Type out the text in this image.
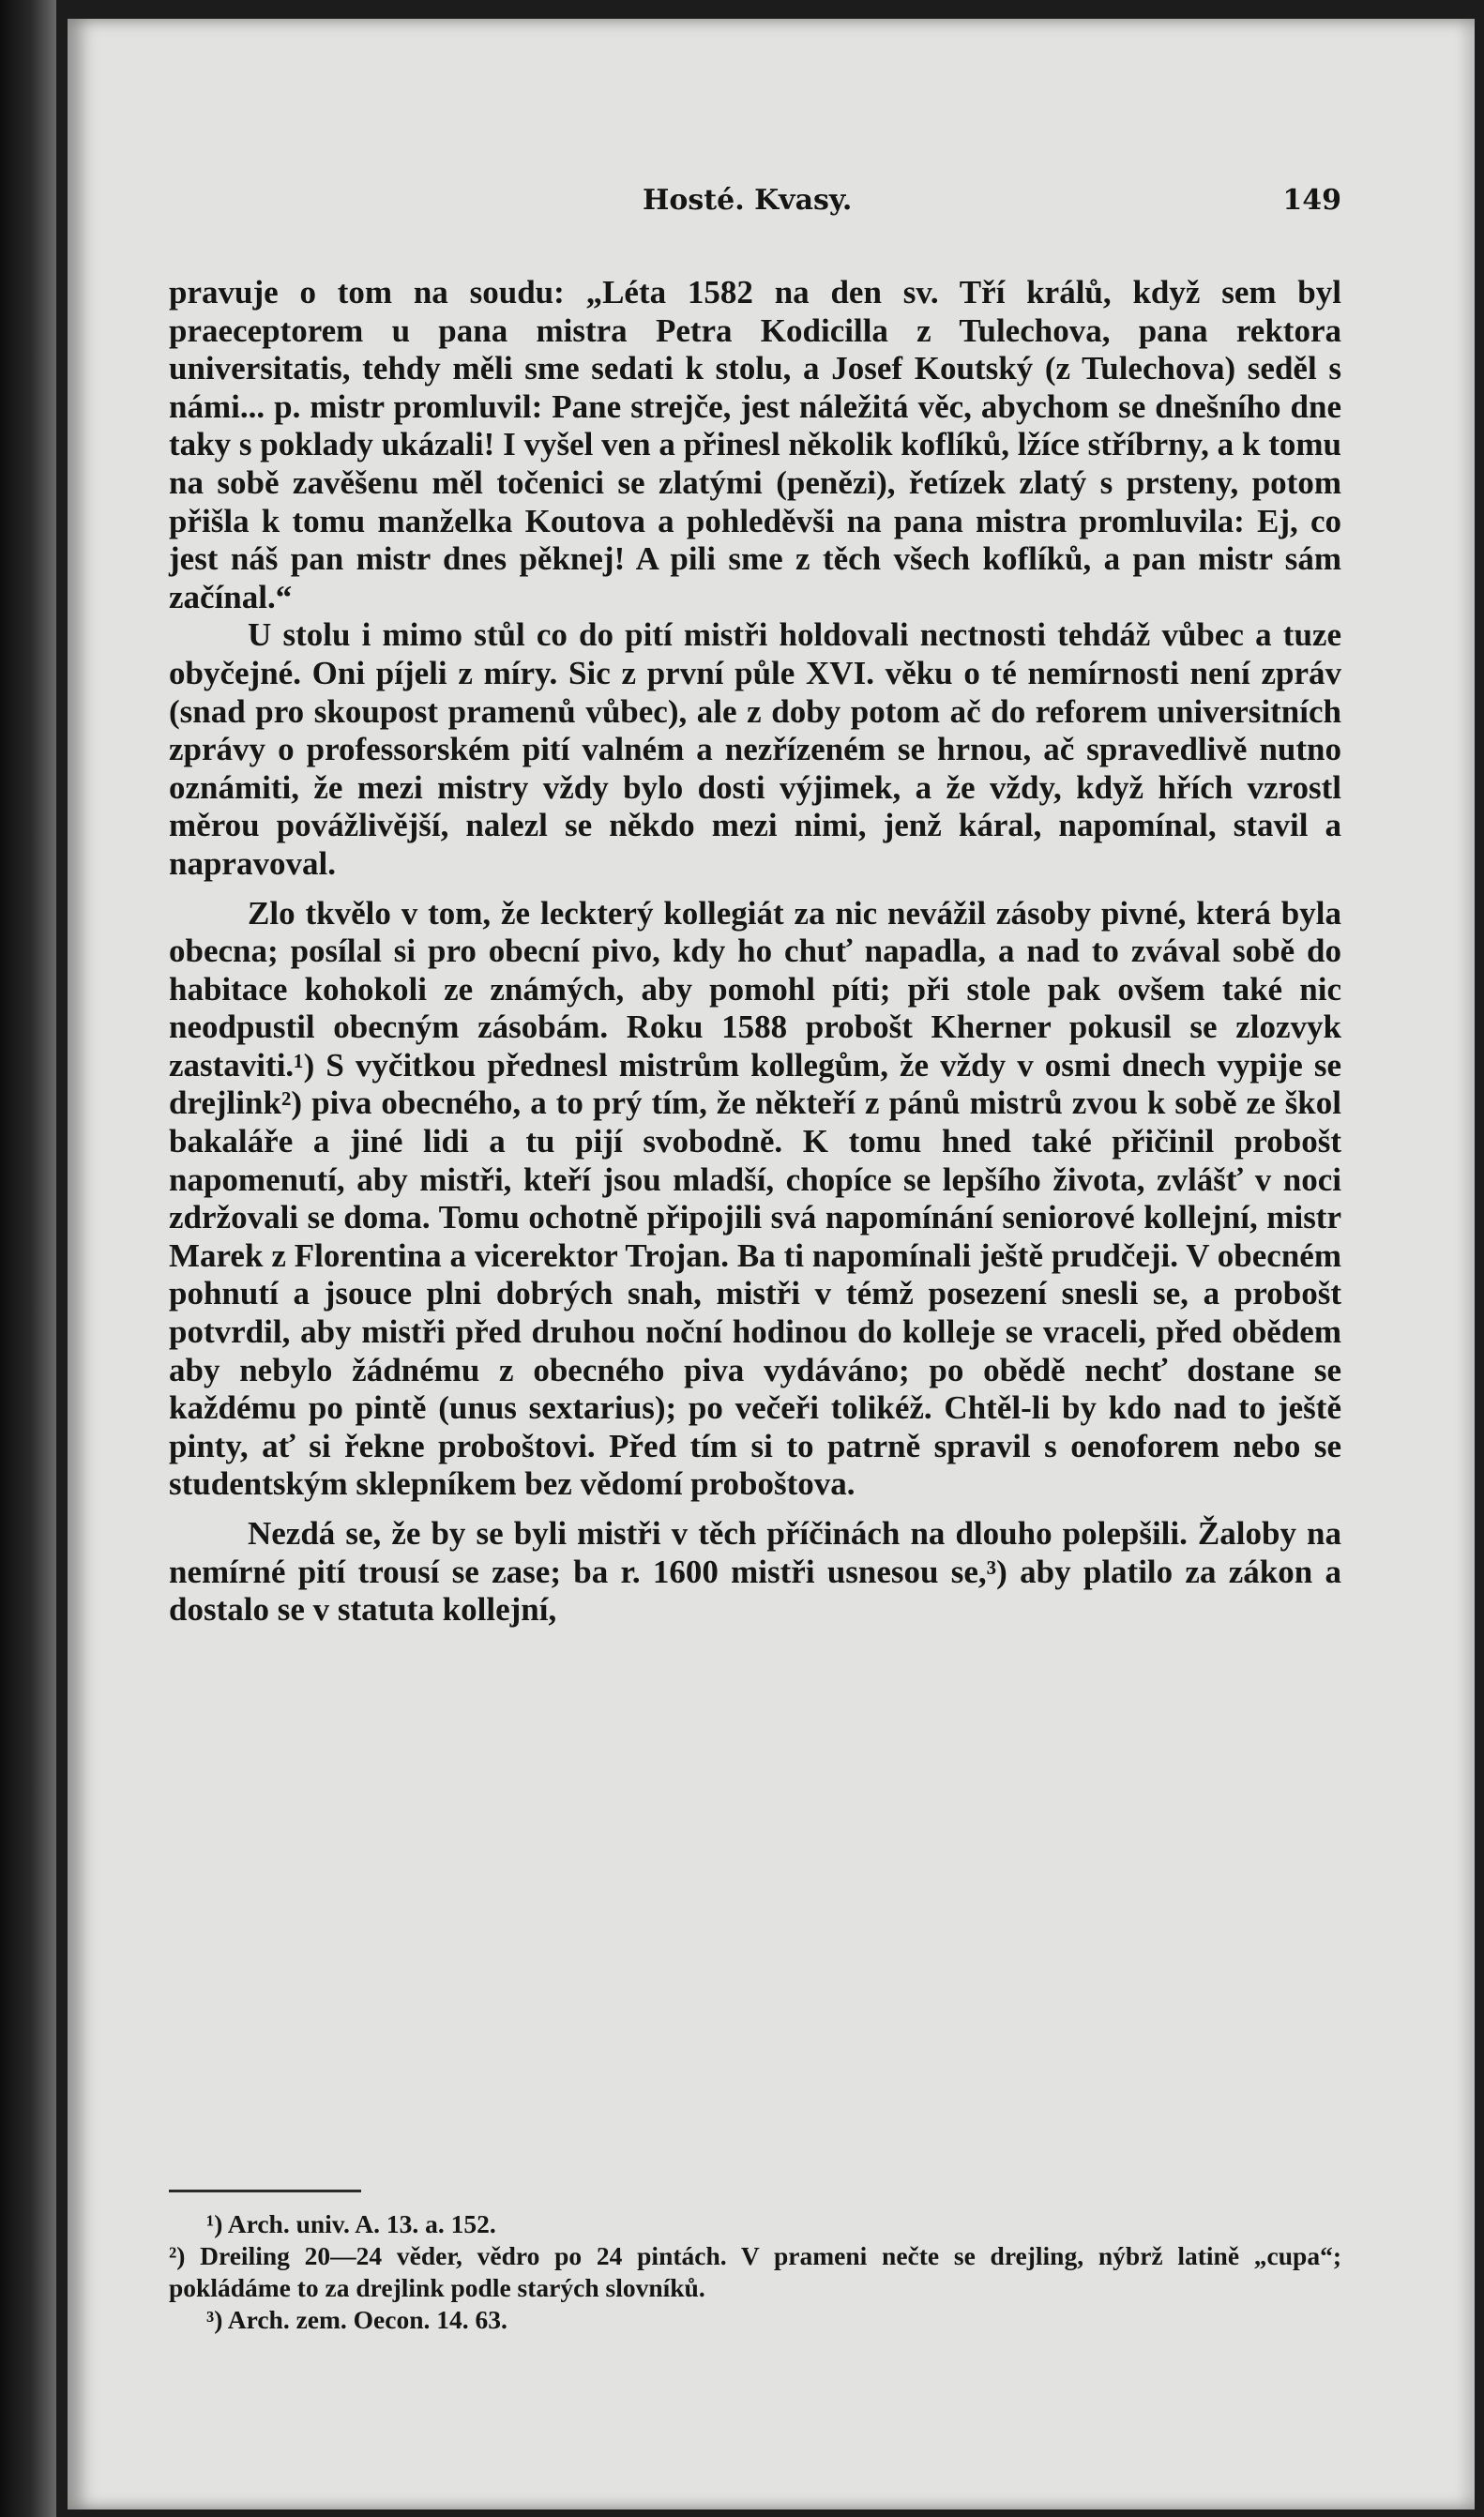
Hosté. Kvasy.	149

pravuje o tom na soudu: „Léta 1582 na den sv. Tří králů, když sem byl praeceptorem u pana mistra Petra Kodicilla z Tulechova, pana rektora universitatis, tehdy měli sme sedati k stolu, a Josef Koutský (z Tulechova) seděl s námi... p. mistr promluvil: Pane strejče, jest náležitá věc, abychom se dnešního dne taky s poklady ukázali! I vyšel ven a přinesl několik koflíků, lžíce stříbrny, a k tomu na sobě zavěšenu měl točenici se zlatými (penězi), řetízek zlatý s prsteny, potom přišla k tomu manželka Koutova a pohleděvši na pana mistra promluvila: Ej, co jest náš pan mistr dnes pěknej! A pili sme z těch všech koflíků, a pan mistr sám začínal.“

U stolu i mimo stůl co do pití mistři holdovali nectnosti tehdáž vůbec a tuze obyčejné. Oni píjeli z míry. Sic z první půle XVI. věku o té nemírnosti není zpráv (snad pro skoupost pramenů vůbec), ale z doby potom ač do reforem universitních zprávy o professorském pití valném a nezřízeném se hrnou, ač spravedlivě nutno oznámiti, že mezi mistry vždy bylo dosti výjimek, a že vždy, když hřích vzrostl měrou povážlivější, nalezl se někdo mezi nimi, jenž káral, napomínal, stavil a napravoval.

Zlo tkvělo v tom, že leckterý kollegiát za nic nevážil zásoby pivné, která byla obecna; posílal si pro obecní pivo, kdy ho chuť napadla, a nad to zvával sobě do habitace kohokoli ze známých, aby pomohl píti; při stole pak ovšem také nic neodpustil obecným zásobám. Roku 1588 probošt Kherner pokusil se zlozvyk zastaviti.¹) S vyčitkou přednesl mistrům kollegům, že vždy v osmi dnech vypije se drejlink²) piva obecného, a to prý tím, že někteří z pánů mistrů zvou k sobě ze škol bakaláře a jiné lidi a tu pijí svobodně. K tomu hned také přičinil probošt napomenutí, aby mistři, kteří jsou mladší, chopíce se lepšího života, zvlášť v noci zdržovali se doma. Tomu ochotně připojili svá napomínání seniorové kollejní, mistr Marek z Florentina a vicerektor Trojan. Ba ti napomínali ještě prudčeji. V obecném pohnutí a jsouce plni dobrých snah, mistři v témž posezení snesli se, a probošt potvrdil, aby mistři před druhou noční hodinou do kolleje se vraceli, před obědem aby nebylo žádnému z obecného piva vydáváno; po obědě nechť dostane se každému po pintě (unus sextarius); po večeři tolikéž. Chtěl-li by kdo nad to ještě pinty, ať si řekne proboštovi. Před tím si to patrně spravil s oenoforem nebo se studentským sklepníkem bez vědomí proboštova.

Nezdá se, že by se byli mistři v těch příčinách na dlouho polepšili. Žaloby na nemírné pití trousí se zase; ba r. 1600 mistři usnesou se,³) aby platilo za zákon a dostalo se v statuta kollejní,

¹) Arch. univ. A. 13. a. 152.

²) Dreiling 20—24 věder, vědro po 24 pintách. V prameni nečte se drejling, nýbrž latině „cupa“; pokládáme to za drejlink podle starých slovníků.

³) Arch. zem. Oecon. 14. 63.
